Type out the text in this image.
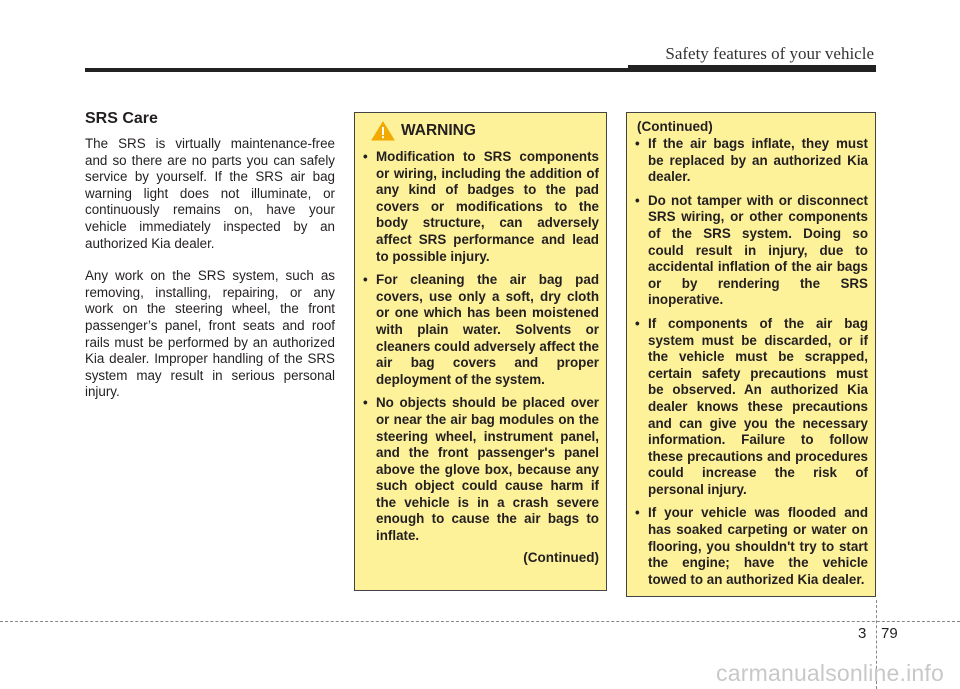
Safety features of your vehicle
SRS Care

The SRS is virtually maintenance-free and so there are no parts you can safely service by yourself. If the SRS air bag warning light does not illuminate, or continuously remains on, have your vehicle immediately inspected by an authorized Kia dealer.

Any work on the SRS system, such as removing, installing, repairing, or any work on the steering wheel, the front passenger’s panel, front seats and roof rails must be performed by an authorized Kia dealer. Improper handling of the SRS system may result in serious personal injury.

WARNING
• Modification to SRS components or wiring, including the addition of any kind of badges to the pad covers or modifications to the body structure, can adversely affect SRS performance and lead to possible injury.
• For cleaning the air bag pad covers, use only a soft, dry cloth or one which has been moistened with plain water. Solvents or cleaners could adversely affect the air bag covers and proper deployment of the system.
• No objects should be placed over or near the air bag modules on the steering wheel, instrument panel, and the front passenger's panel above the glove box, because any such object could cause harm if the vehicle is in a crash severe enough to cause the air bags to inflate.
(Continued)
(Continued)
• If the air bags inflate, they must be replaced by an authorized Kia dealer.
• Do not tamper with or disconnect SRS wiring, or other components of the SRS system. Doing so could result in injury, due to accidental inflation of the air bags or by rendering the SRS inoperative.
• If components of the air bag system must be discarded, or if the vehicle must be scrapped, certain safety precautions must be observed. An authorized Kia dealer knows these precautions and can give you the necessary information. Failure to follow these precautions and procedures could increase the risk of personal injury.
• If your vehicle was flooded and has soaked carpeting or water on flooring, you shouldn't try to start the engine; have the vehicle towed to an authorized Kia dealer.
3 79
carmanualsonline.info
